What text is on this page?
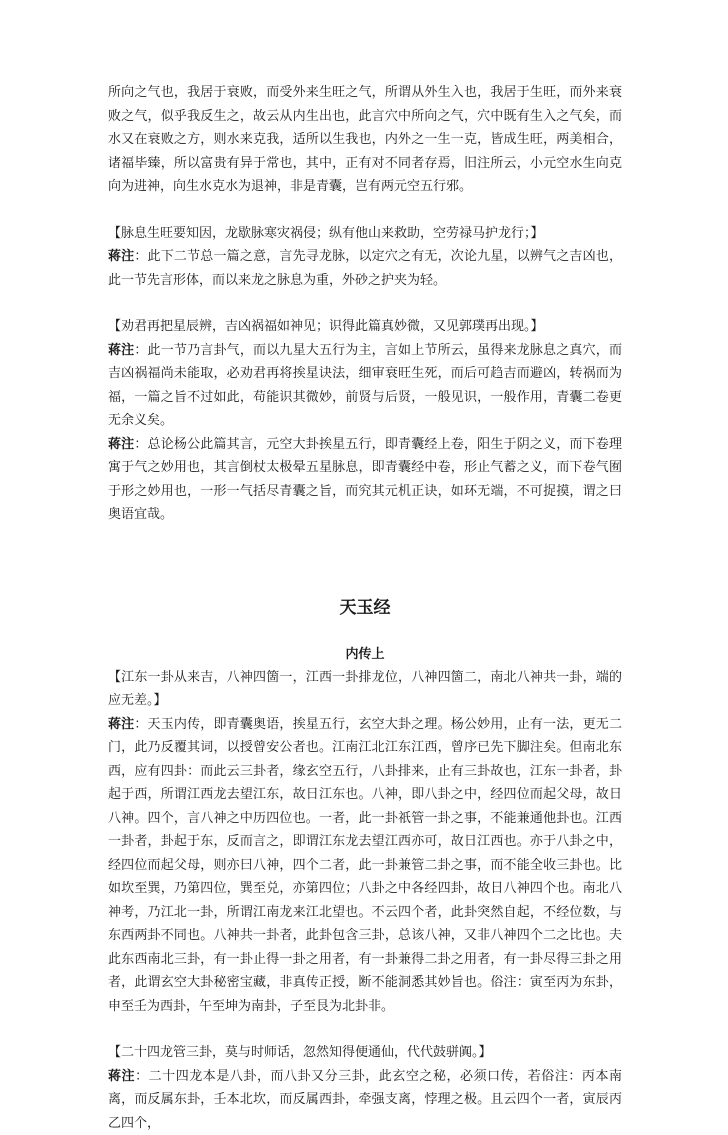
所向之气也，我居于衰败，而受外来生旺之气，所谓从外生入也，我居于生旺，而外来衰败之气，似乎我反生之，故云从内生出也，此言穴中所向之气，穴中既有生入之气矣，而水又在衰败之方，则水来克我，适所以生我也，内外之一生一克，皆成生旺，两美相合，诸福毕臻，所以富贵有异于常也，其中，正有对不同者存焉，旧注所云，小元空水生向克向为进神，向生水克水为退神，非是青囊，岂有两元空五行邪。

【脉息生旺要知因，龙歇脉寒灾祸侵；纵有他山来救助，空劳禄马护龙行；】

蒋注：此下二节总一篇之意，言先寻龙脉，以定穴之有无，次论九星，以辨气之吉凶也，此一节先言形体，而以来龙之脉息为重，外砂之护夹为轻。

【劝君再把星辰辨，吉凶祸福如神见；识得此篇真妙微，又见郭璞再出现。】

蒋注：此一节乃言卦气，而以九星大五行为主，言如上节所云，虽得来龙脉息之真穴，而吉凶祸福尚未能取，必劝君再将挨星诀法，细审衰旺生死，而后可趋吉而避凶，转祸而为福，一篇之旨不过如此，苟能识其微妙，前贤与后贤，一般见识，一般作用，青囊二卷更无余义矣。

蒋注：总论杨公此篇其言，元空大卦挨星五行，即青囊经上卷，阳生于阴之义，而下卷理寓于气之妙用也，其言倒杖太极晕五星脉息，即青囊经中卷，形止气蓄之义，而下卷气囿于形之妙用也，一形一气括尽青囊之旨，而究其元机正诀，如环无端，不可捉摸，谓之曰奥语宜哉。

天玉经

内传上

【江东一卦从来吉，八神四箇一，江西一卦排龙位，八神四箇二，南北八神共一卦，端的应无差。】

蒋注：天玉内传，即青囊奥语，挨星五行，玄空大卦之理。杨公妙用，止有一法，更无二门，此乃反覆其词，以授曾安公者也。江南江北江东江西，曾序已先下脚注矣。但南北东西，应有四卦：而此云三卦者，缘玄空五行，八卦排来，止有三卦故也，江东一卦者，卦起于西，所谓江西龙去望江东，故日江东也。八神，即八卦之中，经四位而起父母，故日八神。四个，言八神之中历四位也。一者，此一卦祇管一卦之事，不能兼通他卦也。江西一卦者，卦起于东，反而言之，即谓江东龙去望江西亦可，故日江西也。亦于八卦之中，经四位而起父母，则亦曰八神，四个二者，此一卦兼管二卦之事，而不能全收三卦也。比如坎至巽，乃第四位，巽至兑，亦第四位；八卦之中各经四卦，故日八神四个也。南北八神考，乃江北一卦，所谓江南龙来江北望也。不云四个者，此卦突然自起，不经位数，与东西两卦不同也。八神共一卦者，此卦包含三卦，总该八神，又非八神四个二之比也。夫此东西南北三卦，有一卦止得一卦之用者，有一卦兼得二卦之用者，有一卦尽得三卦之用者，此谓玄空大卦秘密宝藏，非真传正授，断不能洞悉其妙旨也。俗注：寅至丙为东卦，申至壬为西卦，午至坤为南卦，子至艮为北卦非。

【二十四龙管三卦，莫与时师话，忽然知得便通仙，代代鼓骈阗。】

蒋注：二十四龙本是八卦，而八卦又分三卦，此玄空之秘，必须口传，若俗注：丙本南离，而反属东卦，壬本北坎，而反属西卦，牵强支离，悖理之极。且云四个一者，寅辰丙乙四个，
